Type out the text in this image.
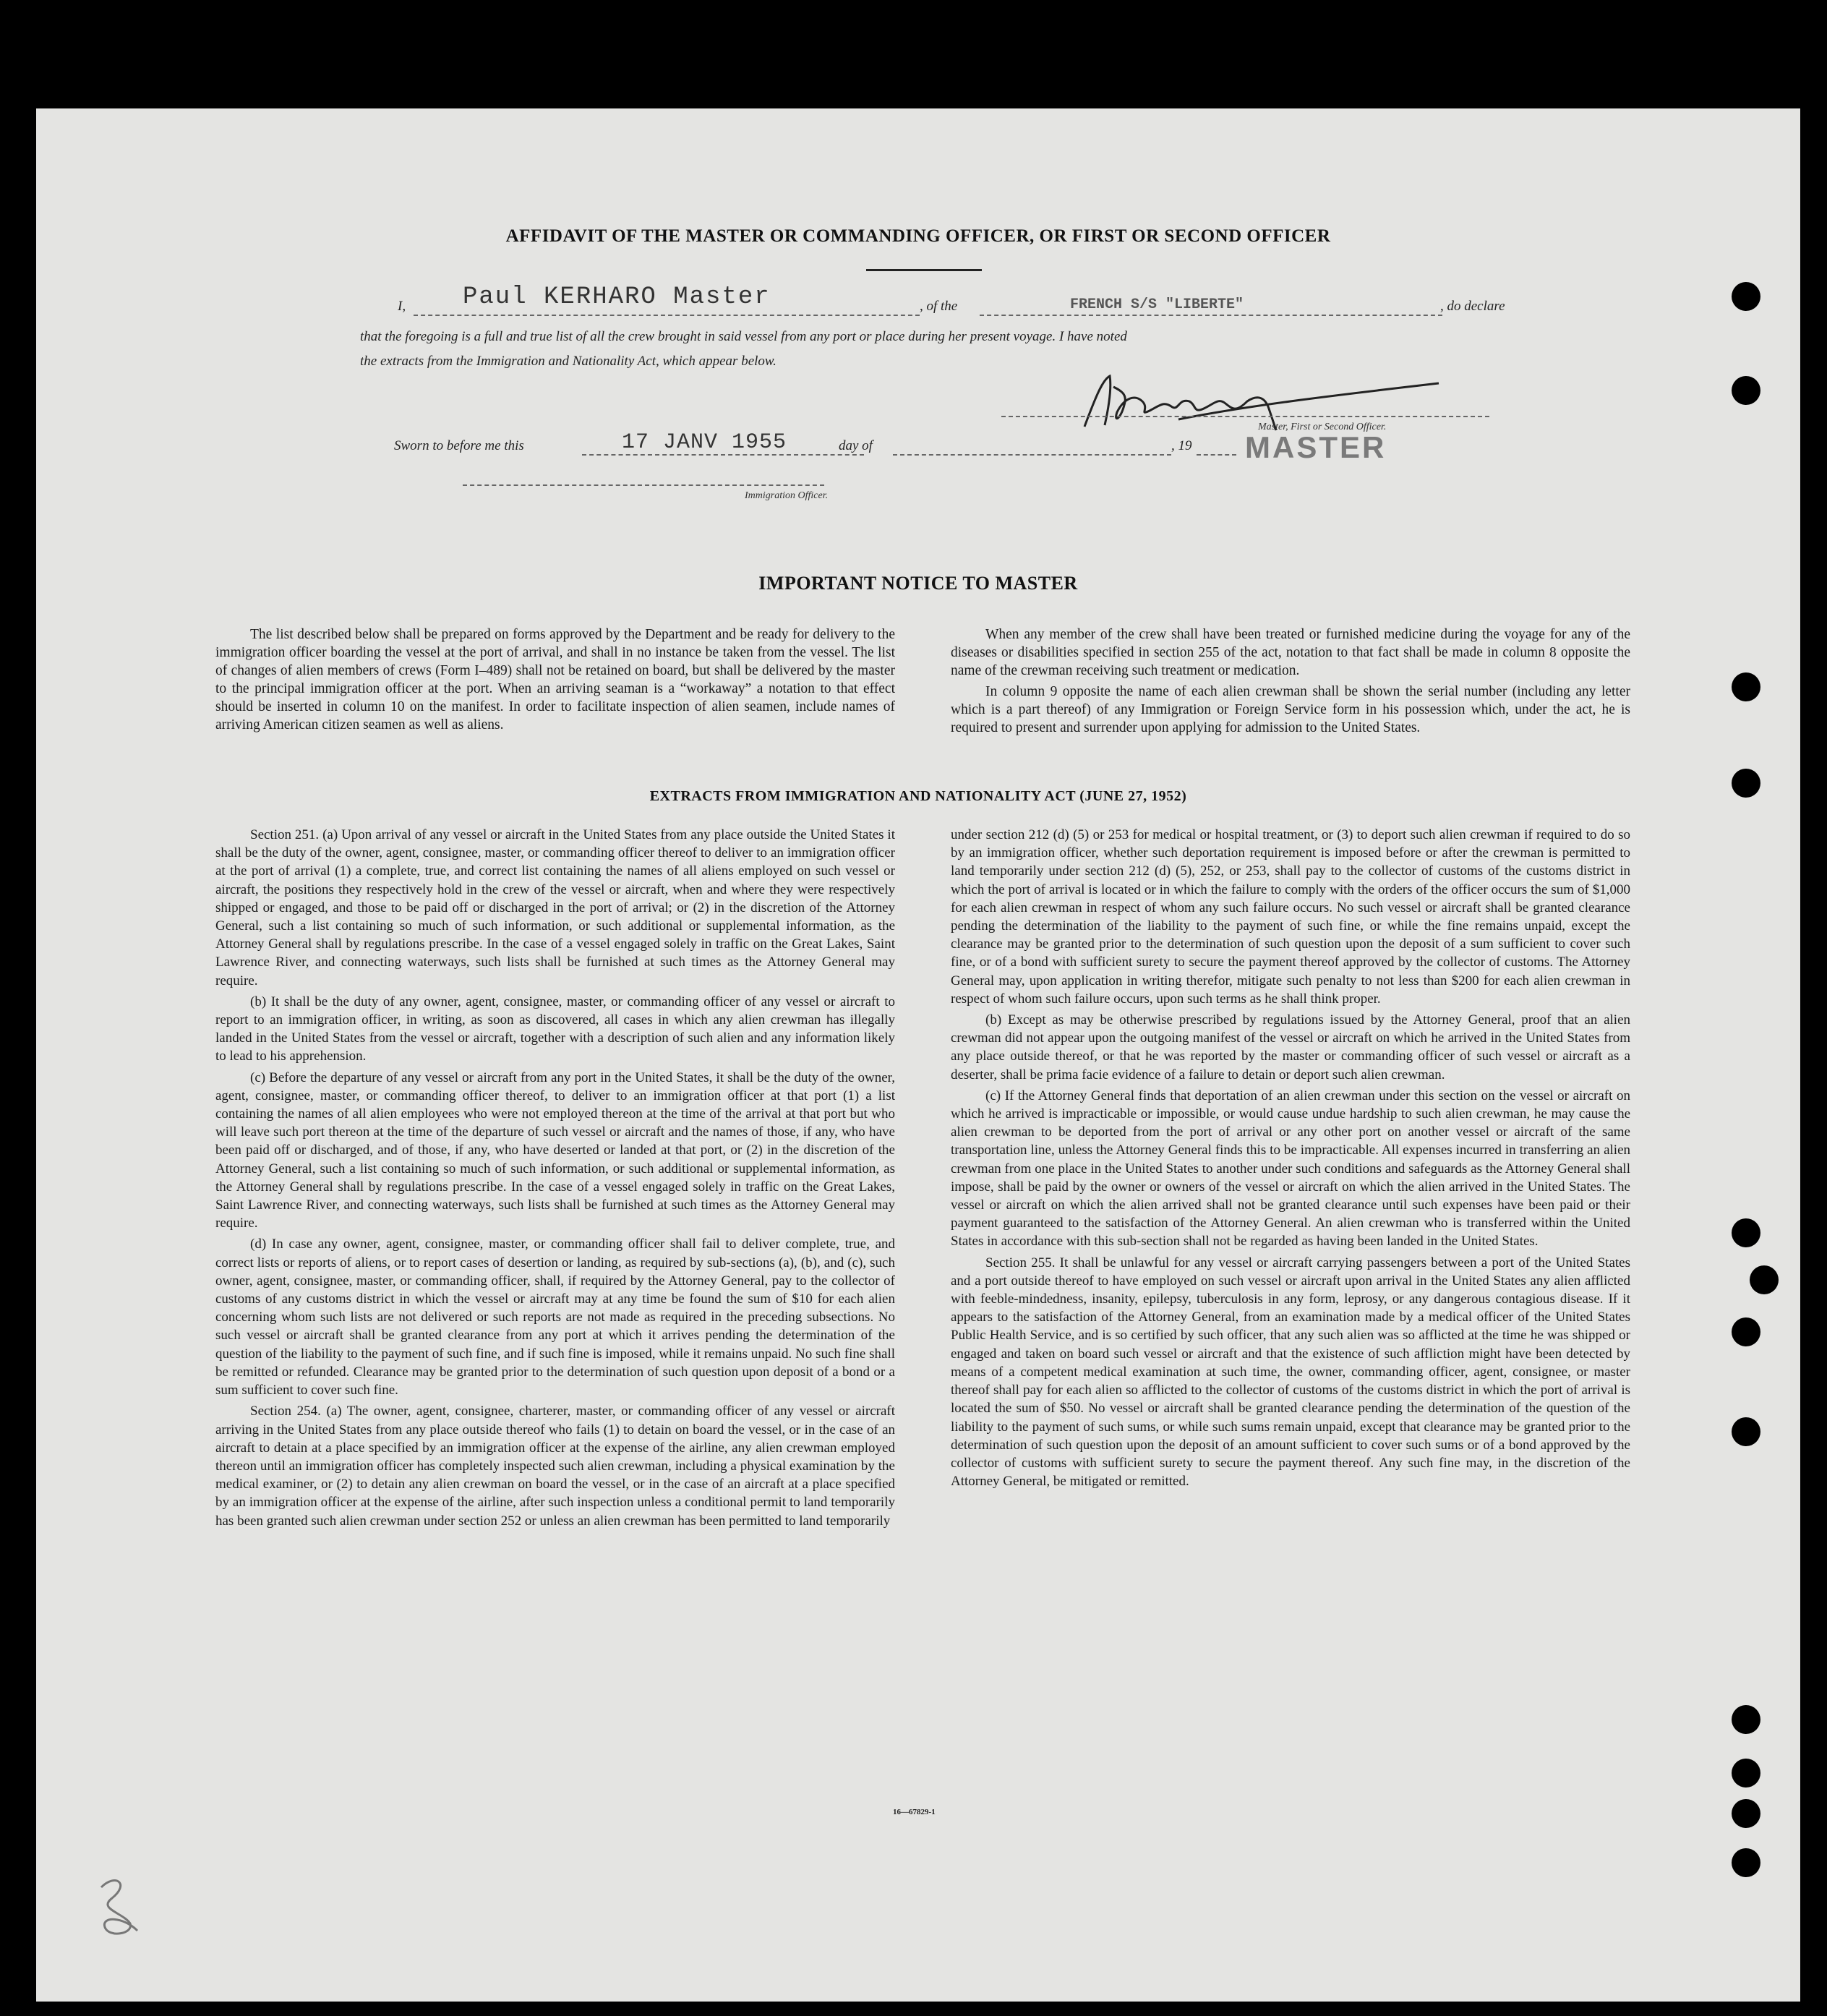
AFFIDAVIT OF THE MASTER OR COMMANDING OFFICER, OR FIRST OR SECOND OFFICER
I, Paul KERHARO Master	, of the	FRENCH S/S "LIBERTE"	, do declare
that the foregoing is a full and true list of all the crew brought in said vessel from any port or place during her present voyage. I have noted
the extracts from the Immigration and Nationality Act, which appear below.
Master, First or Second Officer.
MASTER
Sworn to before me this	17 JANV 1955	day of	, 19
Immigration Officer.
IMPORTANT NOTICE TO MASTER

The list described below shall be prepared on forms approved by the Department and be ready for delivery to the immigration officer boarding the vessel at the port of arrival, and shall in no instance be taken from the vessel. The list of changes of alien members of crews (Form I–489) shall not be retained on board, but shall be delivered by the master to the principal immigration officer at the port. When an arriving seaman is a “workaway” a notation to that effect should be inserted in column 10 on the manifest. In order to facilitate inspection of alien seamen, include names of arriving American citizen seamen as well as aliens.

When any member of the crew shall have been treated or furnished medicine during the voyage for any of the diseases or disabilities specified in section 255 of the act, notation to that fact shall be made in column 8 opposite the name of the crewman receiving such treatment or medication.

In column 9 opposite the name of each alien crewman shall be shown the serial number (including any letter which is a part thereof) of any Immigration or Foreign Service form in his possession which, under the act, he is required to present and surrender upon applying for admission to the United States.

EXTRACTS FROM IMMIGRATION AND NATIONALITY ACT (JUNE 27, 1952)

Section 251. (a) Upon arrival of any vessel or aircraft in the United States from any place outside the United States it shall be the duty of the owner, agent, consignee, master, or commanding officer thereof to deliver to an immigration officer at the port of arrival (1) a complete, true, and correct list containing the names of all aliens employed on such vessel or aircraft, the positions they respectively hold in the crew of the vessel or aircraft, when and where they were respectively shipped or engaged, and those to be paid off or discharged in the port of arrival; or (2) in the discretion of the Attorney General, such a list containing so much of such information, or such additional or supplemental information, as the Attorney General shall by regulations prescribe. In the case of a vessel engaged solely in traffic on the Great Lakes, Saint Lawrence River, and connecting waterways, such lists shall be furnished at such times as the Attorney General may require.

(b) It shall be the duty of any owner, agent, consignee, master, or commanding officer of any vessel or aircraft to report to an immigration officer, in writing, as soon as discovered, all cases in which any alien crewman has illegally landed in the United States from the vessel or aircraft, together with a description of such alien and any information likely to lead to his apprehension.

(c) Before the departure of any vessel or aircraft from any port in the United States, it shall be the duty of the owner, agent, consignee, master, or commanding officer thereof, to deliver to an immigration officer at that port (1) a list containing the names of all alien employees who were not employed thereon at the time of the arrival at that port but who will leave such port thereon at the time of the departure of such vessel or aircraft and the names of those, if any, who have been paid off or discharged, and of those, if any, who have deserted or landed at that port, or (2) in the discretion of the Attorney General, such a list containing so much of such information, or such additional or supplemental information, as the Attorney General shall by regulations prescribe. In the case of a vessel engaged solely in traffic on the Great Lakes, Saint Lawrence River, and connecting waterways, such lists shall be furnished at such times as the Attorney General may require.

(d) In case any owner, agent, consignee, master, or commanding officer shall fail to deliver complete, true, and correct lists or reports of aliens, or to report cases of desertion or landing, as required by sub-sections (a), (b), and (c), such owner, agent, consignee, master, or commanding officer, shall, if required by the Attorney General, pay to the collector of customs of any customs district in which the vessel or aircraft may at any time be found the sum of $10 for each alien concerning whom such lists are not delivered or such reports are not made as required in the preceding subsections. No such vessel or aircraft shall be granted clearance from any port at which it arrives pending the determination of the question of the liability to the payment of such fine, and if such fine is imposed, while it remains unpaid. No such fine shall be remitted or refunded. Clearance may be granted prior to the determination of such question upon deposit of a bond or a sum sufficient to cover such fine.

Section 254. (a) The owner, agent, consignee, charterer, master, or commanding officer of any vessel or aircraft arriving in the United States from any place outside thereof who fails (1) to detain on board the vessel, or in the case of an aircraft to detain at a place specified by an immigration officer at the expense of the airline, any alien crewman employed thereon until an immigration officer has completely inspected such alien crewman, including a physical examination by the medical examiner, or (2) to detain any alien crewman on board the vessel, or in the case of an aircraft at a place specified by an immigration officer at the expense of the airline, after such inspection unless a conditional permit to land temporarily has been granted such alien crewman under section 252 or unless an alien crewman has been permitted to land temporarily

under section 212 (d) (5) or 253 for medical or hospital treatment, or (3) to deport such alien crewman if required to do so by an immigration officer, whether such deportation requirement is imposed before or after the crewman is permitted to land temporarily under section 212 (d) (5), 252, or 253, shall pay to the collector of customs of the customs district in which the port of arrival is located or in which the failure to comply with the orders of the officer occurs the sum of $1,000 for each alien crewman in respect of whom any such failure occurs. No such vessel or aircraft shall be granted clearance pending the determination of the liability to the payment of such fine, or while the fine remains unpaid, except the clearance may be granted prior to the determination of such question upon the deposit of a sum sufficient to cover such fine, or of a bond with sufficient surety to secure the payment thereof approved by the collector of customs. The Attorney General may, upon application in writing therefor, mitigate such penalty to not less than $200 for each alien crewman in respect of whom such failure occurs, upon such terms as he shall think proper.

(b) Except as may be otherwise prescribed by regulations issued by the Attorney General, proof that an alien crewman did not appear upon the outgoing manifest of the vessel or aircraft on which he arrived in the United States from any place outside thereof, or that he was reported by the master or commanding officer of such vessel or aircraft as a deserter, shall be prima facie evidence of a failure to detain or deport such alien crewman.

(c) If the Attorney General finds that deportation of an alien crewman under this section on the vessel or aircraft on which he arrived is impracticable or impossible, or would cause undue hardship to such alien crewman, he may cause the alien crewman to be deported from the port of arrival or any other port on another vessel or aircraft of the same transportation line, unless the Attorney General finds this to be impracticable. All expenses incurred in transferring an alien crewman from one place in the United States to another under such conditions and safeguards as the Attorney General shall impose, shall be paid by the owner or owners of the vessel or aircraft on which the alien arrived in the United States. The vessel or aircraft on which the alien arrived shall not be granted clearance until such expenses have been paid or their payment guaranteed to the satisfaction of the Attorney General. An alien crewman who is transferred within the United States in accordance with this sub-section shall not be regarded as having been landed in the United States.

Section 255. It shall be unlawful for any vessel or aircraft carrying passengers between a port of the United States and a port outside thereof to have employed on such vessel or aircraft upon arrival in the United States any alien afflicted with feeble-mindedness, insanity, epilepsy, tuberculosis in any form, leprosy, or any dangerous contagious disease. If it appears to the satisfaction of the Attorney General, from an examination made by a medical officer of the United States Public Health Service, and is so certified by such officer, that any such alien was so afflicted at the time he was shipped or engaged and taken on board such vessel or aircraft and that the existence of such affliction might have been detected by means of a competent medical examination at such time, the owner, commanding officer, agent, consignee, or master thereof shall pay for each alien so afflicted to the collector of customs of the customs district in which the port of arrival is located the sum of $50. No vessel or aircraft shall be granted clearance pending the determination of the question of the liability to the payment of such sums, or while such sums remain unpaid, except that clearance may be granted prior to the determination of such question upon the deposit of an amount sufficient to cover such sums or of a bond approved by the collector of customs with sufficient surety to secure the payment thereof. Any such fine may, in the discretion of the Attorney General, be mitigated or remitted.

16—67829-1
